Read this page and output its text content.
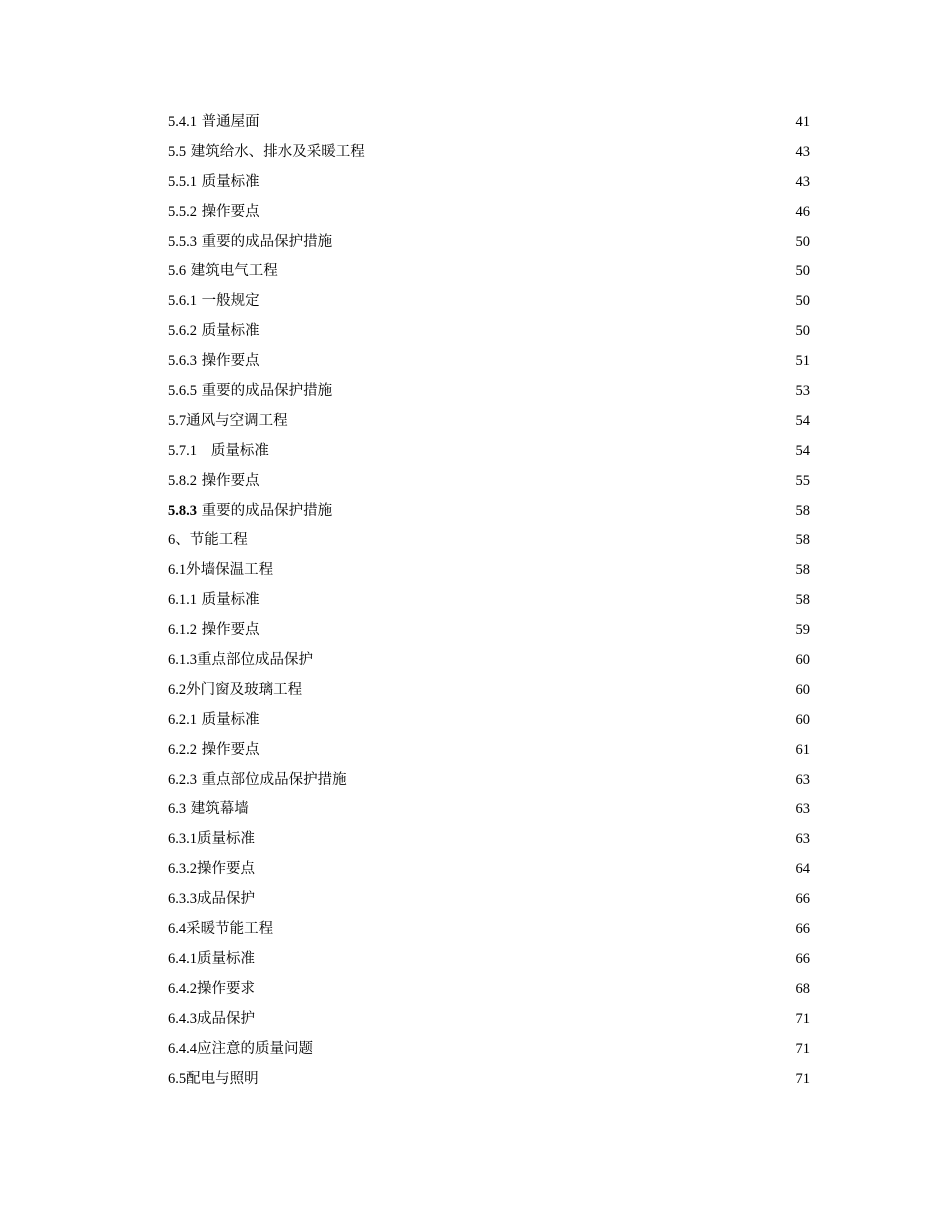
5.4.1 普通屋面	41
5.5 建筑给水、排水及采暖工程	43
5.5.1 质量标准	43
5.5.2 操作要点	46
5.5.3 重要的成品保护措施	50
5.6 建筑电气工程	50
5.6.1 一般规定	50
5.6.2 质量标准	50
5.6.3 操作要点	51
5.6.5 重要的成品保护措施	53
5.7通风与空调工程	54
5.7.1   质量标准	54
5.8.2 操作要点	55
5.8.3 重要的成品保护措施	58
6、节能工程	58
6.1外墙保温工程	58
6.1.1 质量标准	58
6.1.2 操作要点	59
6.1.3重点部位成品保护	60
6.2外门窗及玻璃工程	60
6.2.1 质量标准	60
6.2.2 操作要点	61
6.2.3 重点部位成品保护措施	63
6.3 建筑幕墙	63
6.3.1质量标准	63
6.3.2操作要点	64
6.3.3成品保护	66
6.4采暖节能工程	66
6.4.1质量标准	66
6.4.2操作要求	68
6.4.3成品保护	71
6.4.4应注意的质量问题	71
6.5配电与照明	71
